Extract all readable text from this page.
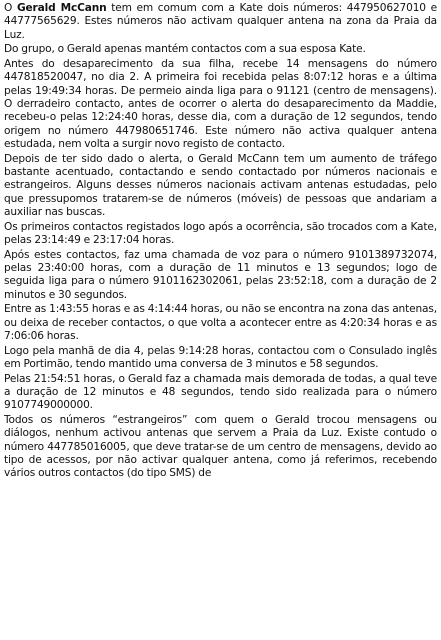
O Gerald McCann tem em comum com a Kate dois números: 447950627010 e 44777565629. Estes números não activam qualquer antena na zona da Praia da Luz.

Do grupo, o Gerald apenas mantém contactos com a sua esposa Kate.

Antes do desaparecimento da sua filha, recebe 14 mensagens do número 447818520047, no dia 2. A primeira foi recebida pelas 8:07:12 horas e a última pelas 19:49:34 horas. De permeio ainda liga para o 91121 (centro de mensagens). O derradeiro contacto, antes de ocorrer o alerta do desaparecimento da Maddie, recebeu-o pelas 12:24:40 horas, desse dia, com a duração de 12 segundos, tendo origem no número 447980651746. Este número não activa qualquer antena estudada, nem volta a surgir novo registo de contacto.

Depois de ter sido dado o alerta, o Gerald McCann tem um aumento de tráfego bastante acentuado, contactando e sendo contactado por números nacionais e estrangeiros. Alguns desses números nacionais activam antenas estudadas, pelo que pressupomos tratarem-se de números (móveis) de pessoas que andariam a auxiliar nas buscas.

Os primeiros contactos registados logo após a ocorrência, são trocados com a Kate, pelas 23:14:49 e 23:17:04 horas.

Após estes contactos, faz uma chamada de voz para o número 9101389732074, pelas 23:40:00 horas, com a duração de 11 minutos e 13 segundos; logo de seguida liga para o número 9101162302061, pelas 23:52:18, com a duração de 2 minutos e 30 segundos.

Entre as 1:43:55 horas e as 4:14:44 horas, ou não se encontra na zona das antenas, ou deixa de receber contactos, o que volta a acontecer entre as 4:20:34 horas e as 7:06:06 horas.

Logo pela manhã de dia 4, pelas 9:14:28 horas, contactou com o Consulado inglês em Portimão, tendo mantido uma conversa de 3 minutos e 58 segundos.

Pelas 21:54:51 horas, o Gerald faz a chamada mais demorada de todas, a qual teve a duração de 12 minutos e 48 segundos, tendo sido realizada para o número 9107749000000.

Todos os números “estrangeiros” com quem o Gerald trocou mensagens ou diálogos, nenhum activou antenas que servem a Praia da Luz. Existe contudo o número 447785016005, que deve tratar-se de um centro de mensagens, devido ao tipo de acessos, por não activar qualquer antena, como já referimos, recebendo vários outros contactos (do tipo SMS) de
